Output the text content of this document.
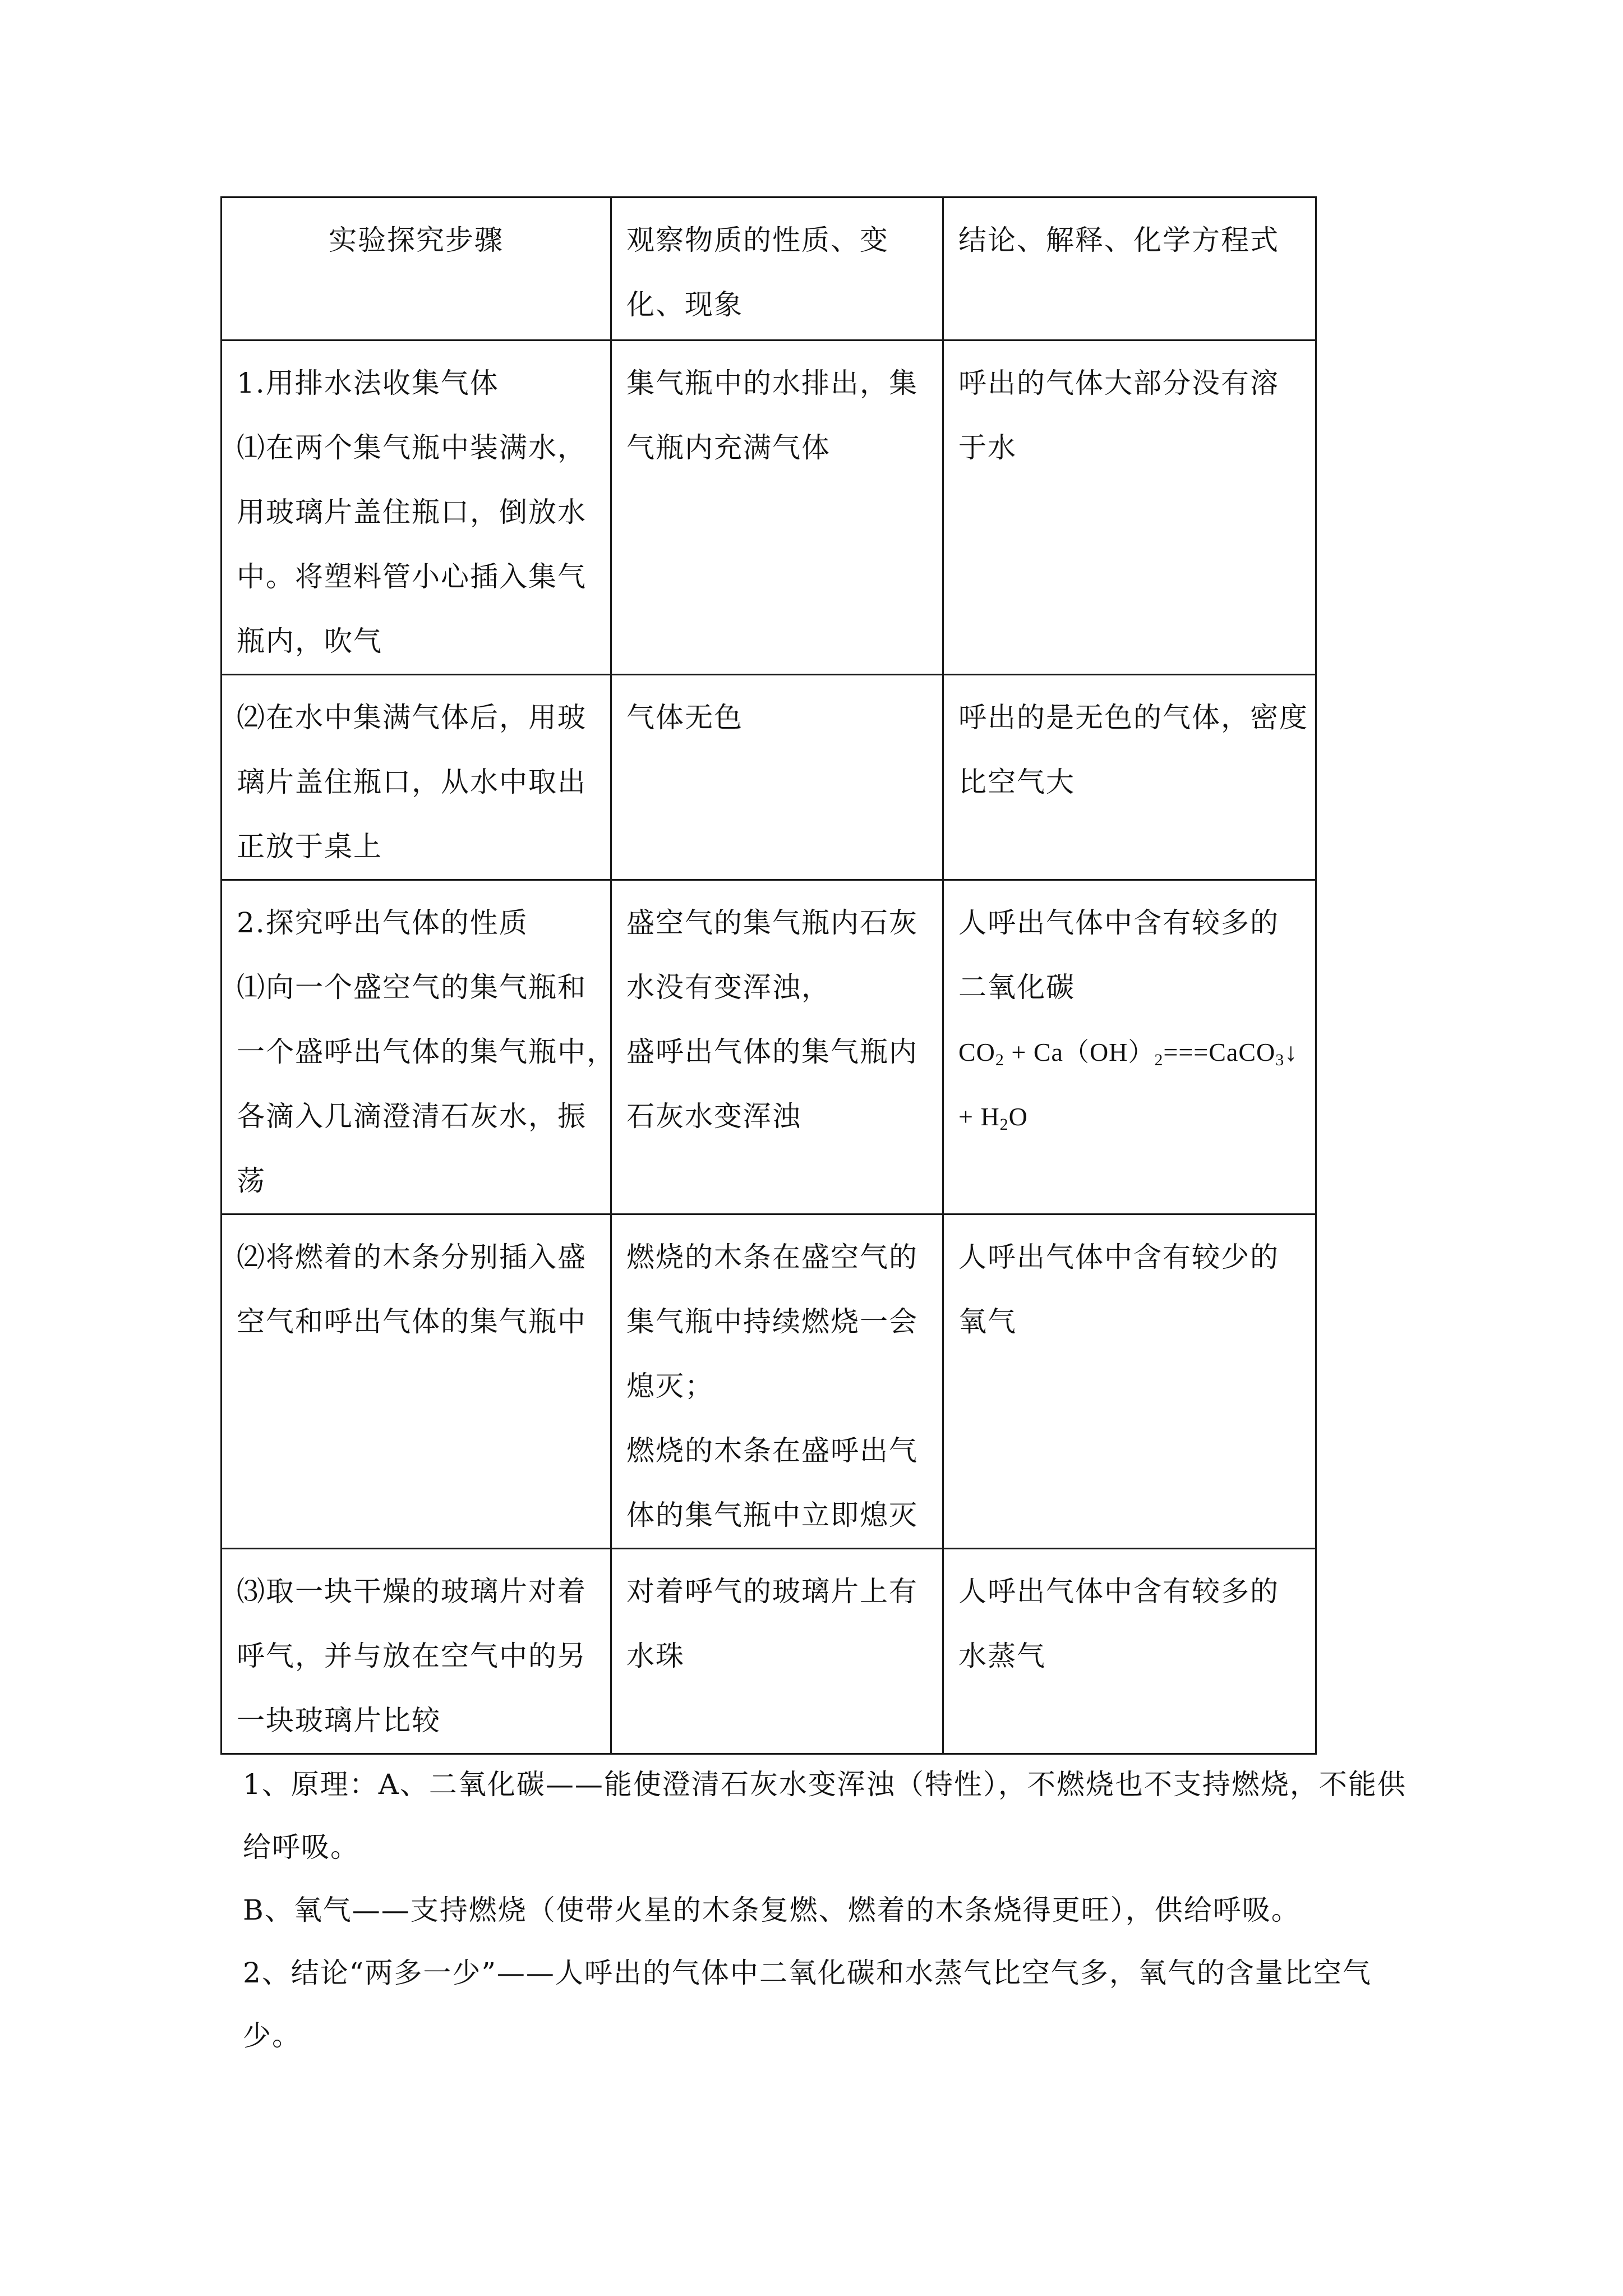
实验探究步骤	观察物质的性质、变化、现象	结论、解释、化学方程式

1.用排水法收集气体
⑴在两个集气瓶中装满水，
用玻璃片盖住瓶口，倒放水
中。将塑料管小心插入集气
瓶内，吹气	集气瓶中的水排出，集
气瓶内充满气体	呼出的气体大部分没有溶
于水

⑵在水中集满气体后，用玻
璃片盖住瓶口，从水中取出
正放于桌上	气体无色	呼出的是无色的气体，密度
比空气大

2.探究呼出气体的性质
⑴向一个盛空气的集气瓶和
一个盛呼出气体的集气瓶中，
各滴入几滴澄清石灰水，振
荡	盛空气的集气瓶内石灰
水没有变浑浊，
盛呼出气体的集气瓶内
石灰水变浑浊	人呼出气体中含有较多的
二氧化碳
$CO_2$ + $Ca(OH)_2===CaCO_3↓$
+ $H_2O$

⑵将燃着的木条分别插入盛
空气和呼出气体的集气瓶中	燃烧的木条在盛空气的
集气瓶中持续燃烧一会
熄灭；
燃烧的木条在盛呼出气
体的集气瓶中立即熄灭	人呼出气体中含有较少的
氧气

⑶取一块干燥的玻璃片对着
呼气，并与放在空气中的另
一块玻璃片比较	对着呼气的玻璃片上有
水珠	人呼出气体中含有较多的
水蒸气

1、原理：A、二氧化碳——能使澄清石灰水变浑浊（特性），不燃烧也不支持燃烧，不能供

给呼吸。

B、氧气——支持燃烧（使带火星的木条复燃、燃着的木条烧得更旺），供给呼吸。

2、结论“两多一少”——人呼出的气体中二氧化碳和水蒸气比空气多，氧气的含量比空气

少。
